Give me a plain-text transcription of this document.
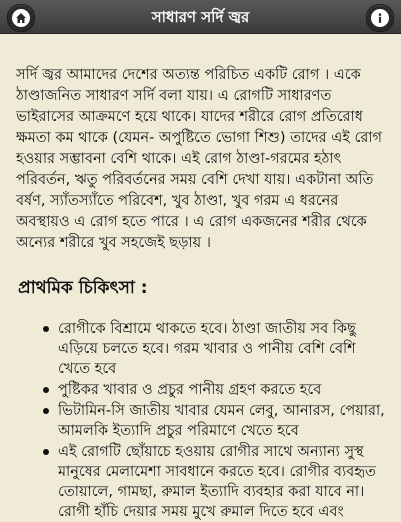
সাধারণ সর্দি জ্বর

সর্দি জ্বর আমাদের দেশের অত্যন্ত পরিচিত একটি রোগ । একে ঠাণ্ডাজনিত সাধারণ সর্দি বলা যায়। এ রোগটি সাধারণত ভাইরাসের আক্রমণে হয়ে থাকে। যাদের শরীরে রোগ প্রতিরোধ ক্ষমতা কম থাকে (যেমন- অপুষ্টিতে ভোগা শিশু) তাদের এই রোগ হওয়ার সম্ভাবনা বেশি থাকে। এই রোগ ঠাণ্ডা-গরমের হঠাৎ পরিবর্তন, ঋতু পরিবর্তনের সময় বেশি দেখা যায়। একটানা অতি বর্ষণ, স্যাঁতস্যাঁতে পরিবেশ, খুব ঠাণ্ডা, খুব গরম এ ধরনের অবস্থায়ও এ রোগ হতে পারে । এ রোগ একজনের শরীর থেকে অন্যের শরীরে খুব সহজেই ছড়ায় ।

প্রাথমিক চিকিৎসা :
রোগীকে বিশ্রামে থাকতে হবে। ঠাণ্ডা জাতীয় সব কিছু এড়িয়ে চলতে হবে। গরম খাবার ও পানীয় বেশি বেশি খেতে হবে
পুষ্টিকর খাবার ও প্রচুর পানীয় গ্রহণ করতে হবে
ভিটামিন-সি জাতীয় খাবার যেমন লেবু, আনারস, পেয়ারা, আমলকি ইত্যাদি প্রচুর পরিমাণে খেতে হবে
এই রোগটি ছোঁয়াচে হওয়ায় রোগীর সাথে অন্যান্য সুস্থ মানুষের মেলামেশা সাবধানে করতে হবে। রোগীর ব্যবহৃত তোয়ালে, গামছা, রুমাল ইত্যাদি ব্যবহার করা যাবে না। রোগী হাঁচি দেয়ার সময় মুখে রুমাল দিতে হবে এবং
